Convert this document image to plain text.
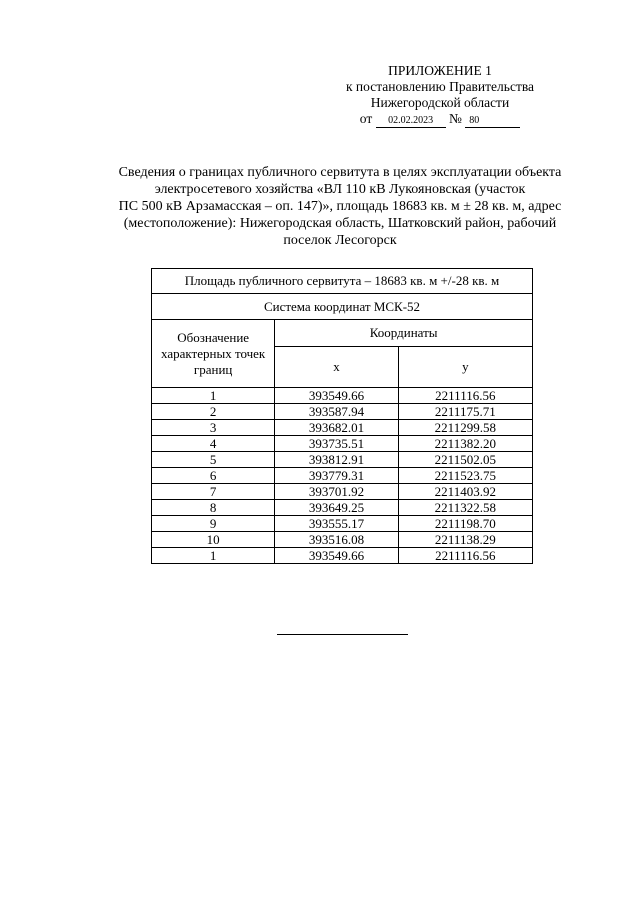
ПРИЛОЖЕНИЕ 1
к постановлению Правительства
Нижегородской области
от 02.02.2023 № 80
Сведения о границах публичного сервитута в целях эксплуатации объекта
электросетевого хозяйства «ВЛ 110 кВ Лукояновская (участок
ПС 500 кВ Арзамасская – оп. 147)», площадь 18683 кв. м ± 28 кв. м, адрес
(местоположение): Нижегородская область, Шатковский район, рабочий
поселок Лесогорск
Площадь публичного сервитута – 18683 кв. м +/-28 кв. м		
Система координат МСК-52		
Обозначение характерных точек границ	Координаты	
	х	у
1	393549.66	2211116.56
2	393587.94	2211175.71
3	393682.01	2211299.58
4	393735.51	2211382.20
5	393812.91	2211502.05
6	393779.31	2211523.75
7	393701.92	2211403.92
8	393649.25	2211322.58
9	393555.17	2211198.70
10	393516.08	2211138.29
1	393549.66	2211116.56
